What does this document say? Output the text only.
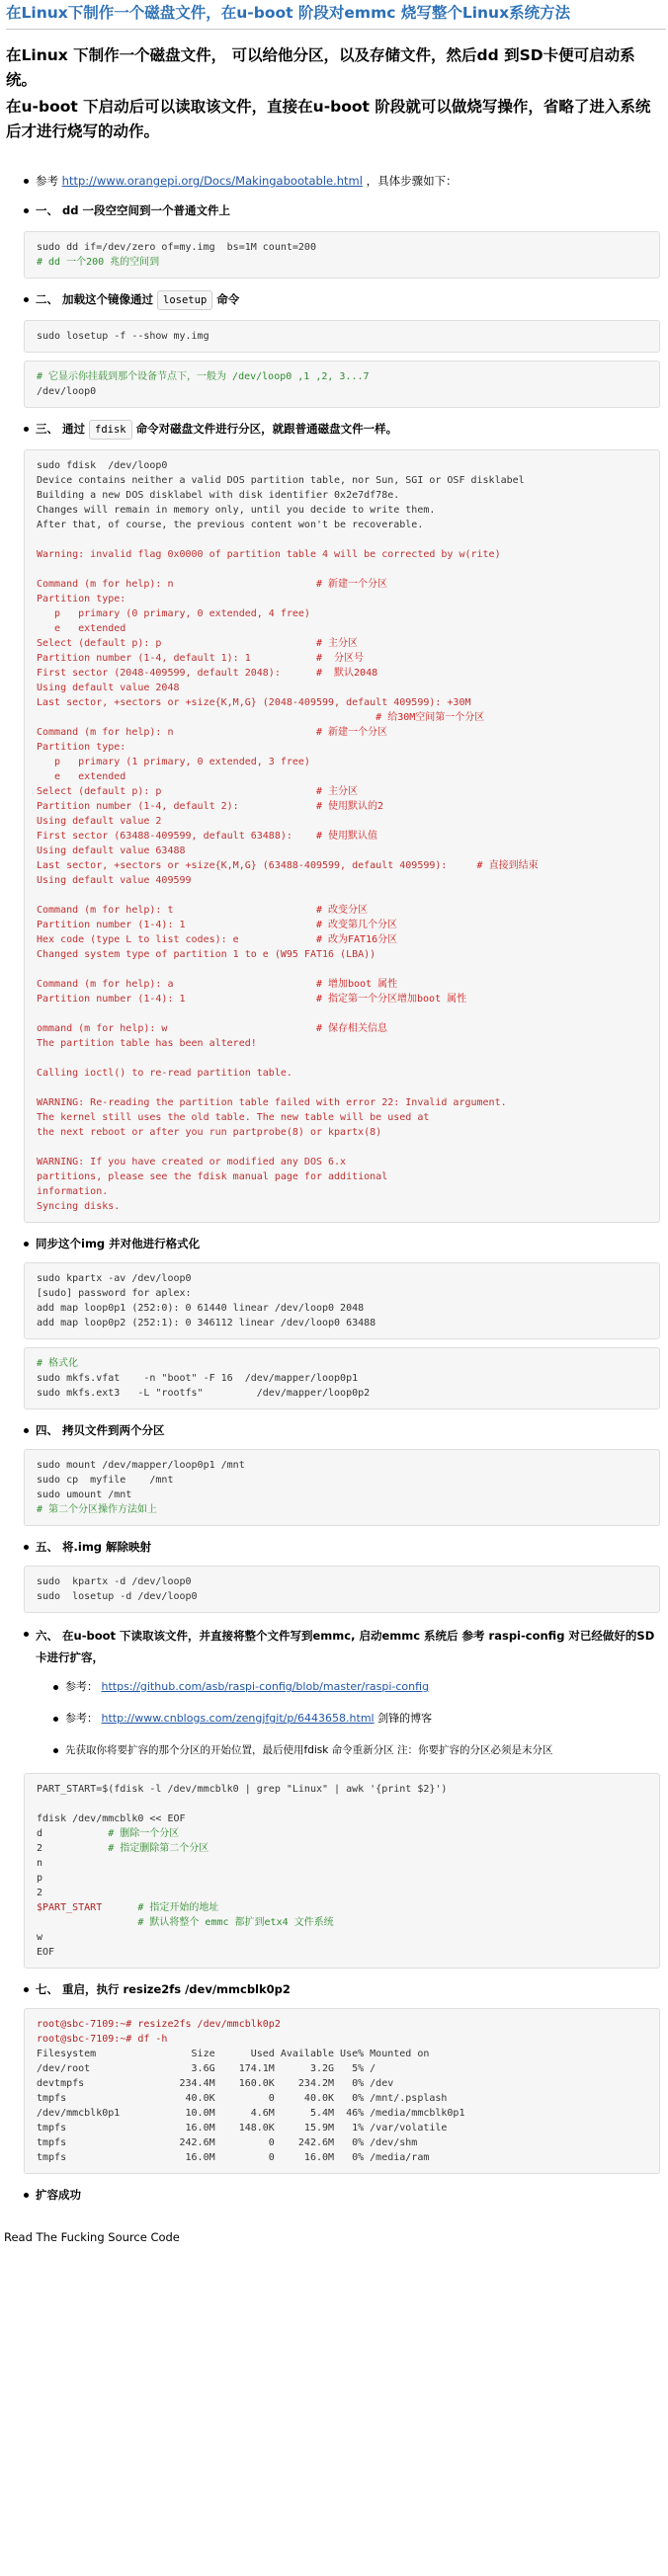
在Linux下制作一个磁盘文件，在u-boot 阶段对emmc 烧写整个Linux系统方法
在Linux 下制作一个磁盘文件， 可以给他分区，以及存储文件，然后dd 到SD卡便可启动系统。
在u-boot 下启动后可以读取该文件，直接在u-boot 阶段就可以做烧写操作，省略了进入系统后才进行烧写的动作。
参考 http://www.orangepi.org/Docs/Makingabootable.html ，具体步骤如下：
一、 dd 一段空空间到一个普通文件上
sudo dd if=/dev/zero of=my.img  bs=1M count=200
# dd 一个200 兆的空间到
二、 加载这个镜像通过 losetup 命令
sudo losetup -f --show my.img
# 它显示你挂载到那个设备节点下，一般为 /dev/loop0 ,1 ,2, 3...7
/dev/loop0
三、 通过 fdisk 命令对磁盘文件进行分区，就跟普通磁盘文件一样。
sudo fdisk  /dev/loop0
Device contains neither a valid DOS partition table, nor Sun, SGI or OSF disklabel
Building a new DOS disklabel with disk identifier 0x2e7df78e.
Changes will remain in memory only, until you decide to write them.
After that, of course, the previous content won't be recoverable.

Warning: invalid flag 0x0000 of partition table 4 will be corrected by w(rite)

Command (m for help): n                        # 新建一个分区
Partition type:
p   primary (0 primary, 0 extended, 4 free)
e   extended
Select (default p): p                          # 主分区
Partition number (1-4, default 1): 1           #  分区号
First sector (2048-409599, default 2048):      #  默认2048
Using default value 2048
Last sector, +sectors or +size{K,M,G} (2048-409599, default 409599): +30M
# 给30M空间第一个分区
Command (m for help): n                        # 新建一个分区
Partition type:
p   primary (1 primary, 0 extended, 3 free)
e   extended
Select (default p): p                          # 主分区
Partition number (1-4, default 2):             # 使用默认的2
Using default value 2
First sector (63488-409599, default 63488):    # 使用默认值
Using default value 63488
Last sector, +sectors or +size{K,M,G} (63488-409599, default 409599):     # 直接到结束
Using default value 409599

Command (m for help): t                        # 改变分区
Partition number (1-4): 1                      # 改变第几个分区
Hex code (type L to list codes): e             # 改为FAT16分区
Changed system type of partition 1 to e (W95 FAT16 (LBA))

Command (m for help): a                        # 增加boot 属性
Partition number (1-4): 1                      # 指定第一个分区增加boot 属性

ommand (m for help): w                         # 保存相关信息
The partition table has been altered!

Calling ioctl() to re-read partition table.

WARNING: Re-reading the partition table failed with error 22: Invalid argument.
The kernel still uses the old table. The new table will be used at
the next reboot or after you run partprobe(8) or kpartx(8)

WARNING: If you have created or modified any DOS 6.x
partitions, please see the fdisk manual page for additional
information.
Syncing disks.
同步这个img 并对他进行格式化
sudo kpartx -av /dev/loop0
[sudo] password for aplex:
add map loop0p1 (252:0): 0 61440 linear /dev/loop0 2048
add map loop0p2 (252:1): 0 346112 linear /dev/loop0 63488
# 格式化
sudo mkfs.vfat    -n "boot" -F 16  /dev/mapper/loop0p1
sudo mkfs.ext3   -L "rootfs"         /dev/mapper/loop0p2
四、 拷贝文件到两个分区
sudo mount /dev/mapper/loop0p1 /mnt
sudo cp  myfile    /mnt
sudo umount /mnt
# 第二个分区操作方法如上
五、 将.img 解除映射
sudo  kpartx -d /dev/loop0
sudo  losetup -d /dev/loop0
六、 在u-boot 下读取该文件，并直接将整个文件写到emmc, 启动emmc 系统后 参考 raspi-config 对已经做好的SD卡进行扩容，
参考： https://github.com/asb/raspi-config/blob/master/raspi-config
参考： http://www.cnblogs.com/zengjfgit/p/6443658.html 剑锋的博客
先获取你将要扩容的那个分区的开始位置，最后使用fdisk 命令重新分区 注：你要扩容的分区必须是末分区
PART_START=$(fdisk -l /dev/mmcblk0 | grep "Linux" | awk '{print $2}')

fdisk /dev/mmcblk0 << EOF
d           # 删除一个分区
2           # 指定删除第二个分区
n
p
2
$PART_START      # 指定开始的地址
# 默认将整个 emmc 都扩到etx4 文件系统
w
EOF
七、 重启，执行 resize2fs /dev/mmcblk0p2
root@sbc-7109:~# resize2fs /dev/mmcblk0p2
root@sbc-7109:~# df -h
Filesystem                Size      Used Available Use% Mounted on
/dev/root                 3.6G    174.1M      3.2G   5% /
devtmpfs                234.4M    160.0K    234.2M   0% /dev
tmpfs                    40.0K         0     40.0K   0% /mnt/.psplash
/dev/mmcblk0p1           10.0M      4.6M      5.4M  46% /media/mmcblk0p1
tmpfs                    16.0M    148.0K     15.9M   1% /var/volatile
tmpfs                   242.6M         0    242.6M   0% /dev/shm
tmpfs                    16.0M         0     16.0M   0% /media/ram
扩容成功
Read The Fucking Source Code
